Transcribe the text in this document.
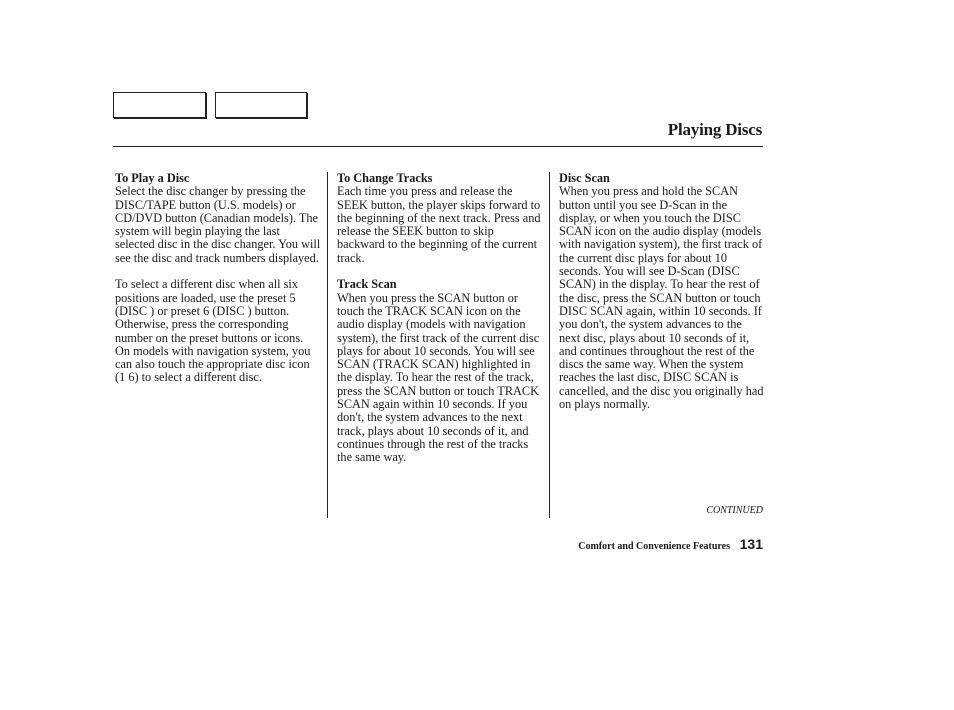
Playing Discs
To Play a Disc

Select the disc changer by pressing the DISC/TAPE button (U.S. models) or CD/DVD button (Canadian models). The system will begin playing the last selected disc in the disc changer. You will see the disc and track numbers displayed.

To select a different disc when all six positions are loaded, use the preset 5 (DISC ) or preset 6 (DISC ) button. Otherwise, press the corresponding number on the preset buttons or icons. On models with navigation system, you can also touch the appropriate disc icon (1 6) to select a different disc.

To Change Tracks

Each time you press and release the SEEK button, the player skips forward to the beginning of the next track. Press and release the SEEK button to skip backward to the beginning of the current track.

Track Scan

When you press the SCAN button or touch the TRACK SCAN icon on the audio display (models with navigation system), the first track of the current disc plays for about 10 seconds. You will see SCAN (TRACK SCAN) highlighted in the display. To hear the rest of the track, press the SCAN button or touch TRACK SCAN again within 10 seconds. If you don't, the system advances to the next track, plays about 10 seconds of it, and continues through the rest of the tracks the same way.

Disc Scan

When you press and hold the SCAN button until you see D-Scan in the display, or when you touch the DISC SCAN icon on the audio display (models with navigation system), the first track of the current disc plays for about 10 seconds. You will see D-Scan (DISC SCAN) in the display. To hear the rest of the disc, press the SCAN button or touch DISC SCAN again, within 10 seconds. If you don't, the system advances to the next disc, plays about 10 seconds of it, and continues throughout the rest of the discs the same way. When the system reaches the last disc, DISC SCAN is cancelled, and the disc you originally had on plays normally.

CONTINUED
Comfort and Convenience Features 131
